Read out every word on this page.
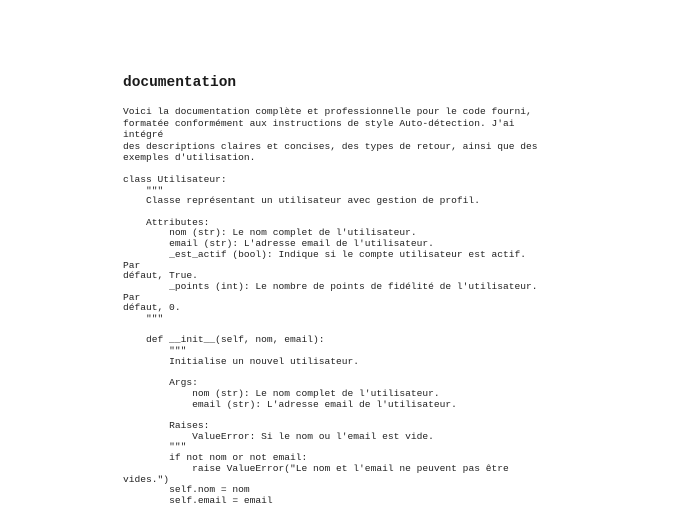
documentation

Voici la documentation complète et professionnelle pour le code fourni,
formatée conformément aux instructions de style Auto-détection. J'ai intégré
des descriptions claires et concises, des types de retour, ainsi que des
exemples d'utilisation.

class Utilisateur:
"""
Classe représentant un utilisateur avec gestion de profil.
Attributes:
nom (str): Le nom complet de l'utilisateur.
email (str): L'adresse email de l'utilisateur.
_est_actif (bool): Indique si le compte utilisateur est actif. Par
défaut, True.
_points (int): Le nombre de points de fidélité de l'utilisateur. Par
défaut, 0.
"""
def __init__(self, nom, email):
"""
Initialise un nouvel utilisateur.
Args:
nom (str): Le nom complet de l'utilisateur.
email (str): L'adresse email de l'utilisateur.
Raises:
ValueError: Si le nom ou l'email est vide.
"""
if not nom or not email:
raise ValueError("Le nom et l'email ne peuvent pas être vides.")
self.nom = nom
self.email = email
